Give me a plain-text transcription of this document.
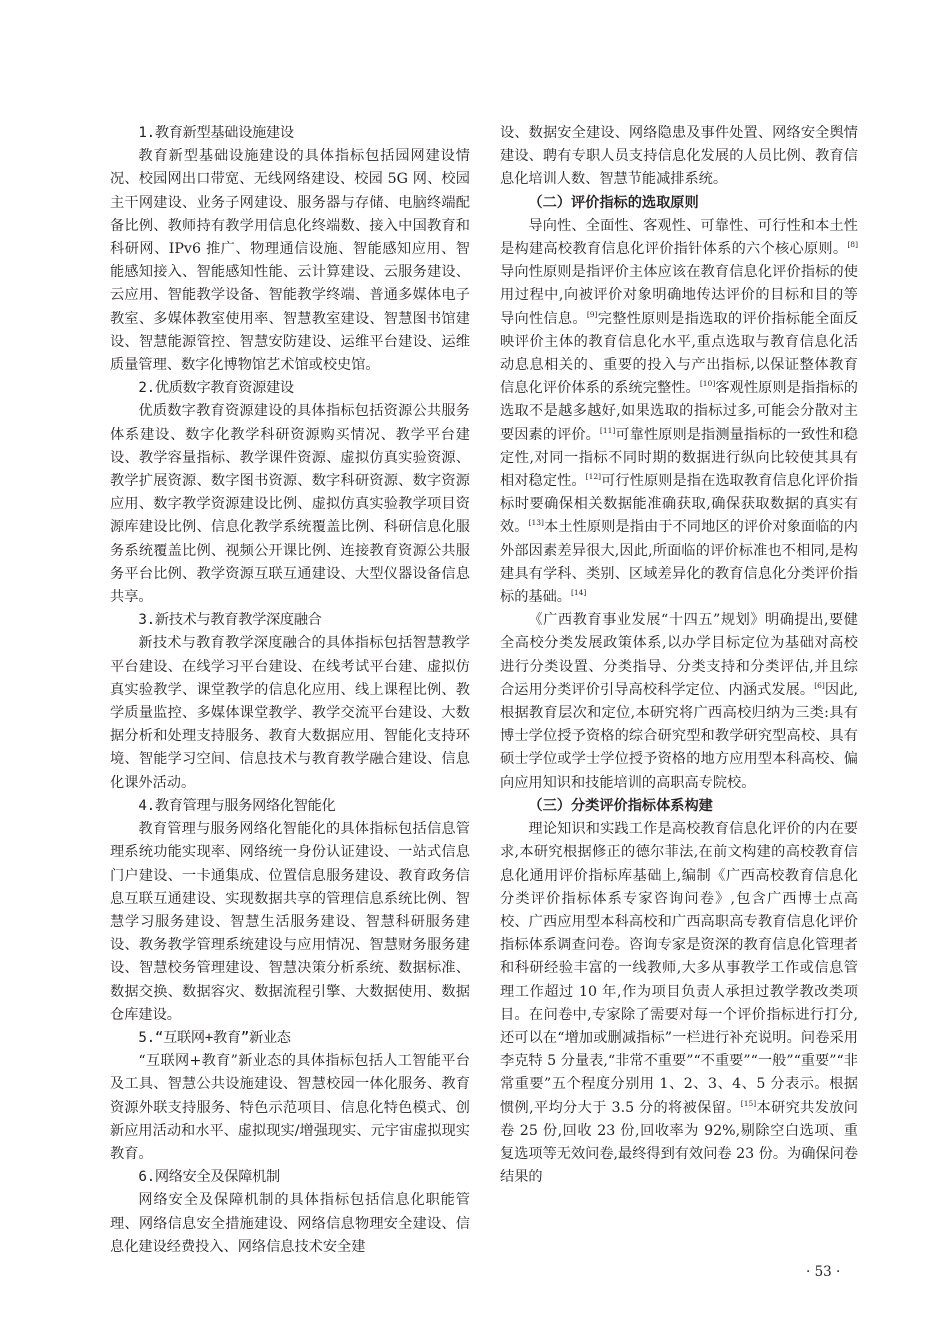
1.教育新型基础设施建设

教育新型基础设施建设的具体指标包括园网建设情况、校园网出口带宽、无线网络建设、校园 5G 网、校园主干网建设、业务子网建设、服务器与存储、电脑终端配备比例、教师持有教学用信息化终端数、接入中国教育和科研网、IPv6 推广、物理通信设施、智能感知应用、智能感知接入、智能感知性能、云计算建设、云服务建设、云应用、智能教学设备、智能教学终端、普通多媒体电子教室、多媒体教室使用率、智慧教室建设、智慧图书馆建设、智慧能源管控、智慧安防建设、运维平台建设、运维质量管理、数字化博物馆艺术馆或校史馆。

2.优质数字教育资源建设

优质数字教育资源建设的具体指标包括资源公共服务体系建设、数字化教学科研资源购买情况、教学平台建设、教学容量指标、教学课件资源、虚拟仿真实验资源、教学扩展资源、数字图书资源、数字科研资源、数字资源应用、数字教学资源建设比例、虚拟仿真实验教学项目资源库建设比例、信息化教学系统覆盖比例、科研信息化服务系统覆盖比例、视频公开课比例、连接教育资源公共服务平台比例、教学资源互联互通建设、大型仪器设备信息共享。

3.新技术与教育教学深度融合

新技术与教育教学深度融合的具体指标包括智慧教学平台建设、在线学习平台建设、在线考试平台建、虚拟仿真实验教学、课堂教学的信息化应用、线上课程比例、教学质量监控、多媒体课堂教学、教学交流平台建设、大数据分析和处理支持服务、教育大数据应用、智能化支持环境、智能学习空间、信息技术与教育教学融合建设、信息化课外活动。

4.教育管理与服务网络化智能化

教育管理与服务网络化智能化的具体指标包括信息管理系统功能实现率、网络统一身份认证建设、一站式信息门户建设、一卡通集成、位置信息服务建设、教育政务信息互联互通建设、实现数据共享的管理信息系统比例、智慧学习服务建设、智慧生活服务建设、智慧科研服务建设、教务教学管理系统建设与应用情况、智慧财务服务建设、智慧校务管理建设、智慧决策分析系统、数据标准、数据交换、数据容灾、数据流程引擎、大数据使用、数据仓库建设。

5.“互联网+教育”新业态

“互联网+教育”新业态的具体指标包括人工智能平台及工具、智慧公共设施建设、智慧校园一体化服务、教育资源外联支持服务、特色示范项目、信息化特色模式、创新应用活动和水平、虚拟现实/增强现实、元宇宙虚拟现实教育。

6.网络安全及保障机制

网络安全及保障机制的具体指标包括信息化职能管理、网络信息安全措施建设、网络信息物理安全建设、信息化建设经费投入、网络信息技术安全建

设、数据安全建设、网络隐患及事件处置、网络安全舆情建设、聘有专职人员支持信息化发展的人员比例、教育信息化培训人数、智慧节能减排系统。

（二）评价指标的选取原则

导向性、全面性、客观性、可靠性、可行性和本土性是构建高校教育信息化评价指针体系的六个核心原则。[8]导向性原则是指评价主体应该在教育信息化评价指标的使用过程中,向被评价对象明确地传达评价的目标和目的等导向性信息。[9]完整性原则是指选取的评价指标能全面反映评价主体的教育信息化水平,重点选取与教育信息化活动息息相关的、重要的投入与产出指标,以保证整体教育信息化评价体系的系统完整性。[10]客观性原则是指指标的选取不是越多越好,如果选取的指标过多,可能会分散对主要因素的评价。[11]可靠性原则是指测量指标的一致性和稳定性,对同一指标不同时期的数据进行纵向比较使其具有相对稳定性。[12]可行性原则是指在选取教育信息化评价指标时要确保相关数据能准确获取,确保获取数据的真实有效。[13]本土性原则是指由于不同地区的评价对象面临的内外部因素差异很大,因此,所面临的评价标准也不相同,是构建具有学科、类别、区域差异化的教育信息化分类评价指标的基础。[14]

《广西教育事业发展“十四五”规划》明确提出,要健全高校分类发展政策体系,以办学目标定位为基础对高校进行分类设置、分类指导、分类支持和分类评估,并且综合运用分类评价引导高校科学定位、内涵式发展。[6]因此,根据教育层次和定位,本研究将广西高校归纳为三类:具有博士学位授予资格的综合研究型和教学研究型高校、具有硕士学位或学士学位授予资格的地方应用型本科高校、偏向应用知识和技能培训的高职高专院校。

（三）分类评价指标体系构建

理论知识和实践工作是高校教育信息化评价的内在要求,本研究根据修正的德尔菲法,在前文构建的高校教育信息化通用评价指标库基础上,编制《广西高校教育信息化分类评价指标体系专家咨询问卷》,包含广西博士点高校、广西应用型本科高校和广西高职高专教育信息化评价指标体系调查问卷。咨询专家是资深的教育信息化管理者和科研经验丰富的一线教师,大多从事教学工作或信息管理工作超过 10 年,作为项目负责人承担过教学教改类项目。在问卷中,专家除了需要对每一个评价指标进行打分,还可以在“增加或删减指标”一栏进行补充说明。问卷采用李克特 5 分量表,“非常不重要”“不重要”“一般”“重要”“非常重要”五个程度分别用 1、2、3、4、5 分表示。根据惯例,平均分大于 3.5 分的将被保留。[15]本研究共发放问卷 25 份,回收 23 份,回收率为 92%,剔除空白选项、重复选项等无效问卷,最终得到有效问卷 23 份。为确保问卷结果的

· 53 ·
